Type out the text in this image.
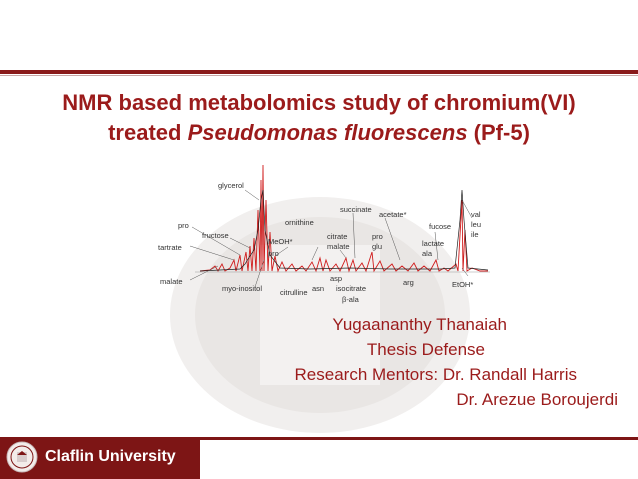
NMR based metabolomics study of chromium(VI)
treated Pseudomonas fluorescens (Pf-5)
glycerol
pro
fructose
tartrate
malate
myo-inositol
MeOH*
pro
ornithine
citrulline
succinate
citrate
malate
asp
asn isocitrate
β-ala
pro
glu
acetate*
arg
fucose
lactate
ala
val
leu
ile
EtOH*
Yugaananthy Thanaiah
Thesis Defense
Research Mentors: Dr. Randall Harris
Dr. Arezue Boroujerdi
Claflin University
